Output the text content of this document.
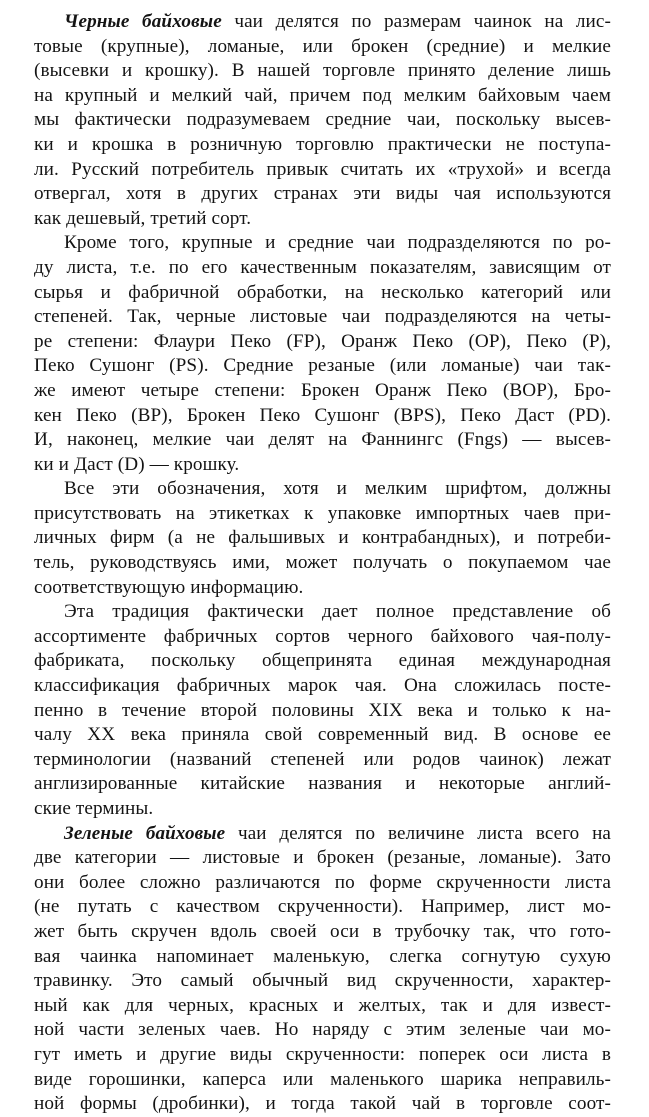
Черные байховые чаи делятся по размерам чаинок на лис-
товые (крупные), ломаные, или брокен (средние) и мелкие
(высевки и крошку). В нашей торговле принято деление лишь
на крупный и мелкий чай, причем под мелким байховым чаем
мы фактически подразумеваем средние чаи, поскольку высев-
ки и крошка в розничную торговлю практически не поступа-
ли. Русский потребитель привык считать их «трухой» и всегда
отвергал, хотя в других странах эти виды чая используются
как дешевый, третий сорт.
Кроме того, крупные и средние чаи подразделяются по ро-
ду листа, т.е. по его качественным показателям, зависящим от
сырья и фабричной обработки, на несколько категорий или
степеней. Так, черные листовые чаи подразделяются на четы-
ре степени: Флаури Пеко (FP), Оранж Пеко (OP), Пеко (P),
Пеко Сушонг (PS). Средние резаные (или ломаные) чаи так-
же имеют четыре степени: Брокен Оранж Пеко (BOP), Бро-
кен Пеко (BP), Брокен Пеко Сушонг (BPS), Пеко Даст (PD).
И, наконец, мелкие чаи делят на Фаннингс (Fngs) — высев-
ки и Даст (D) — крошку.
Все эти обозначения, хотя и мелким шрифтом, должны
присутствовать на этикетках к упаковке импортных чаев при-
личных фирм (а не фальшивых и контрабандных), и потреби-
тель, руководствуясь ими, может получать о покупаемом чае
соответствующую информацию.
Эта традиция фактически дает полное представление об
ассортименте фабричных сортов черного байхового чая-полу-
фабриката, поскольку общепринята единая международная
классификация фабричных марок чая. Она сложилась посте-
пенно в течение второй половины XIX века и только к на-
чалу XX века приняла свой современный вид. В основе ее
терминологии (названий степеней или родов чаинок) лежат
англизированные китайские названия и некоторые англий-
ские термины.
Зеленые байховые чаи делятся по величине листа всего на
две категории — листовые и брокен (резаные, ломаные). Зато
они более сложно различаются по форме скрученности листа
(не путать с качеством скрученности). Например, лист мо-
жет быть скручен вдоль своей оси в трубочку так, что гото-
вая чаинка напоминает маленькую, слегка согнутую сухую
травинку. Это самый обычный вид скрученности, характер-
ный как для черных, красных и желтых, так и для извест-
ной части зеленых чаев. Но наряду с этим зеленые чаи мо-
гут иметь и другие виды скрученности: поперек оси листа в
виде горошинки, каперса или маленького шарика неправиль-
ной формы (дробинки), и тогда такой чай в торговле соот-
